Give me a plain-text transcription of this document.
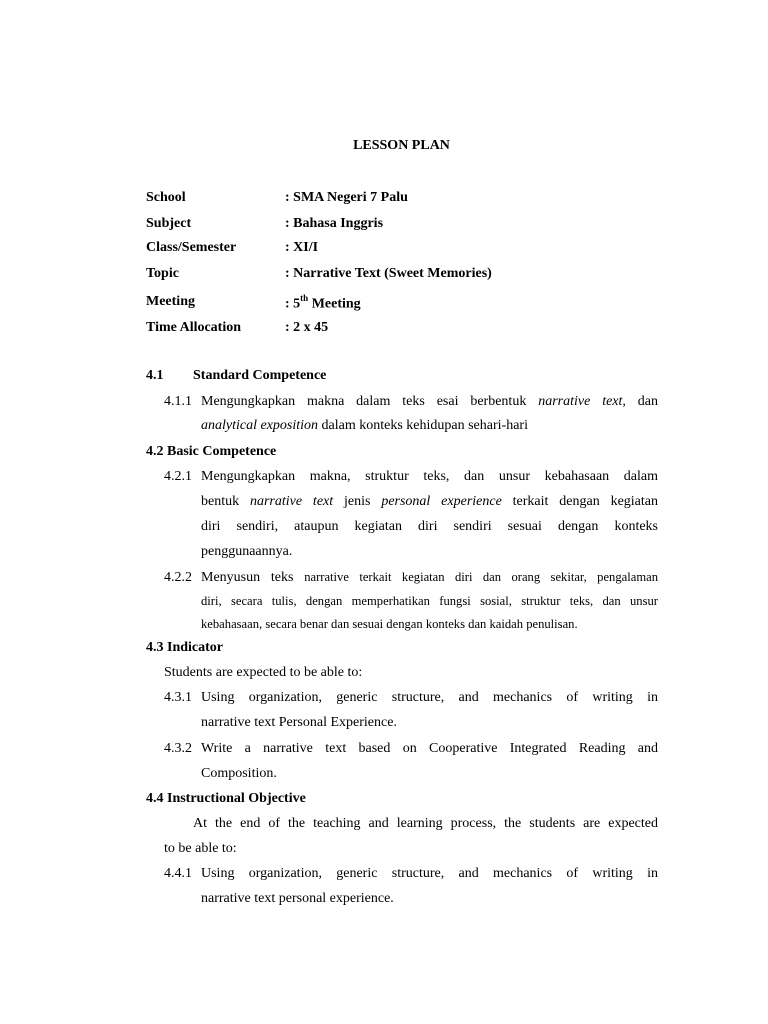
LESSON PLAN
School	: SMA Negeri 7 Palu
Subject	: Bahasa Inggris
Class/Semester	: XI/I
Topic	: Narrative Text (Sweet Memories)
Meeting	: 5th Meeting
Time Allocation	: 2 x 45
4.1 Standard Competence
4.1.1 Mengungkapkan makna dalam teks esai berbentuk narrative text, dan
analytical exposition dalam konteks kehidupan sehari-hari
4.2 Basic Competence
4.2.1 Mengungkapkan makna, struktur teks, dan unsur kebahasaan dalam
bentuk narrative text jenis personal experience terkait dengan kegiatan
diri sendiri, ataupun kegiatan diri sendiri sesuai dengan konteks
penggunaannya.
4.2.2 Menyusun teks narrative terkait kegiatan diri dan orang sekitar, pengalaman
diri, secara tulis, dengan memperhatikan fungsi sosial, struktur teks, dan unsur
kebahasaan, secara benar dan sesuai dengan konteks dan kaidah penulisan.
4.3 Indicator
Students are expected to be able to:
4.3.1 Using organization, generic structure, and mechanics of writing in
narrative text Personal Experience.
4.3.2 Write a narrative text based on Cooperative Integrated Reading and
Composition.
4.4 Instructional Objective
At the end of the teaching and learning process, the students are expected
to be able to:
4.4.1 Using organization, generic structure, and mechanics of writing in
narrative text personal experience.
